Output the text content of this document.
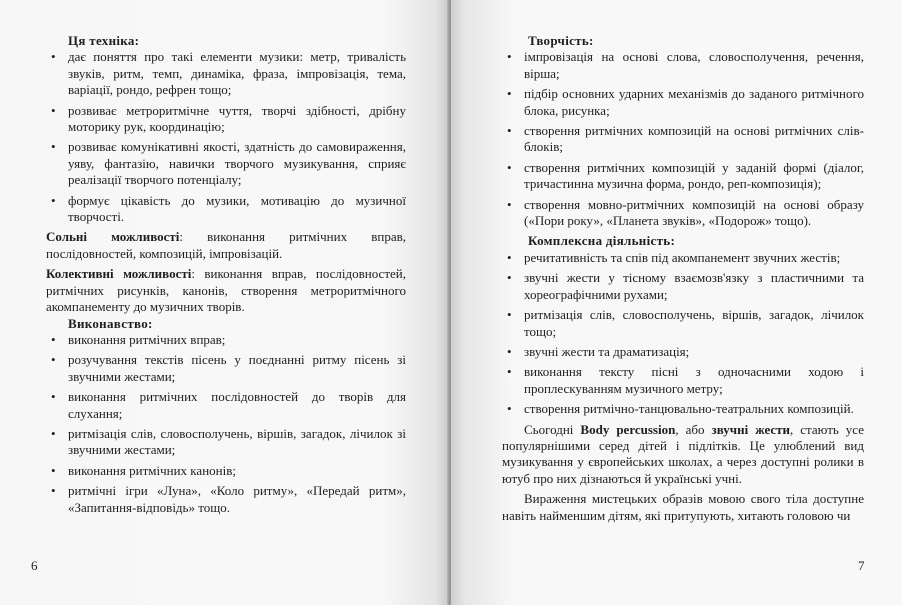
Ця техніка:
• дає поняття про такі елементи музики: метр, тривалість звуків, ритм, темп, динаміка, фраза, імпровізація, тема, варіації, рондо, рефрен тощо;
• розвиває метроритмічне чуття, творчі здібності, дрібну моторику рук, координацію;
• розвиває комунікативні якості, здатність до самовираження, уяву, фантазію, навички творчого музикування, сприяє реалізації творчого потенціалу;
• формує цікавість до музики, мотивацію до музичної творчості.

Сольні можливості: виконання ритмічних вправ, послідовностей, композицій, імпровізацій.

Колективні можливості: виконання вправ, послідовностей, ритмічних рисунків, канонів, створення метроритмічного акомпанементу до музичних творів.

Виконавство:
• виконання ритмічних вправ;
• розучування текстів пісень у поєднанні ритму пісень зі звучними жестами;
• виконання ритмічних послідовностей до творів для слухання;
• ритмізація слів, словосполучень, віршів, загадок, лічилок зі звучними жестами;
• виконання ритмічних канонів;
• ритмічні ігри «Луна», «Коло ритму», «Передай ритм», «Запитання-відповідь» тощо.
6
Творчість:
• імпровізація на основі слова, словосполучення, речення, вірша;
• підбір основних ударних механізмів до заданого ритмічного блока, рисунка;
• створення ритмічних композицій на основі ритмічних слів-блоків;
• створення ритмічних композицій у заданій формі (діалог, тричастинна музична форма, рондо, реп-композиція);
• створення мовно-ритмічних композицій на основі образу («Пори року», «Планета звуків», «Подорож» тощо).
Комплексна діяльність:
• речитативність та спів під акомпанемент звучних жестів;
• звучні жести у тісному взаємозв'язку з пластичними та хореографічними рухами;
• ритмізація слів, словосполучень, віршів, загадок, лічилок тощо;
• звучні жести та драматизація;
• виконання тексту пісні з одночасними ходою і проплескуванням музичного метру;
• створення ритмічно-танцювально-театральних композицій.

Сьогодні Body percussion, або звучні жести, стають усе популярнішими серед дітей і підлітків. Це улюблений вид музикування у європейських школах, а через доступні ролики в ютуб про них дізнаються й українські учні.

Вираження мистецьких образів мовою свого тіла доступне навіть найменшим дітям, які притупують, хитають головою чи

7
